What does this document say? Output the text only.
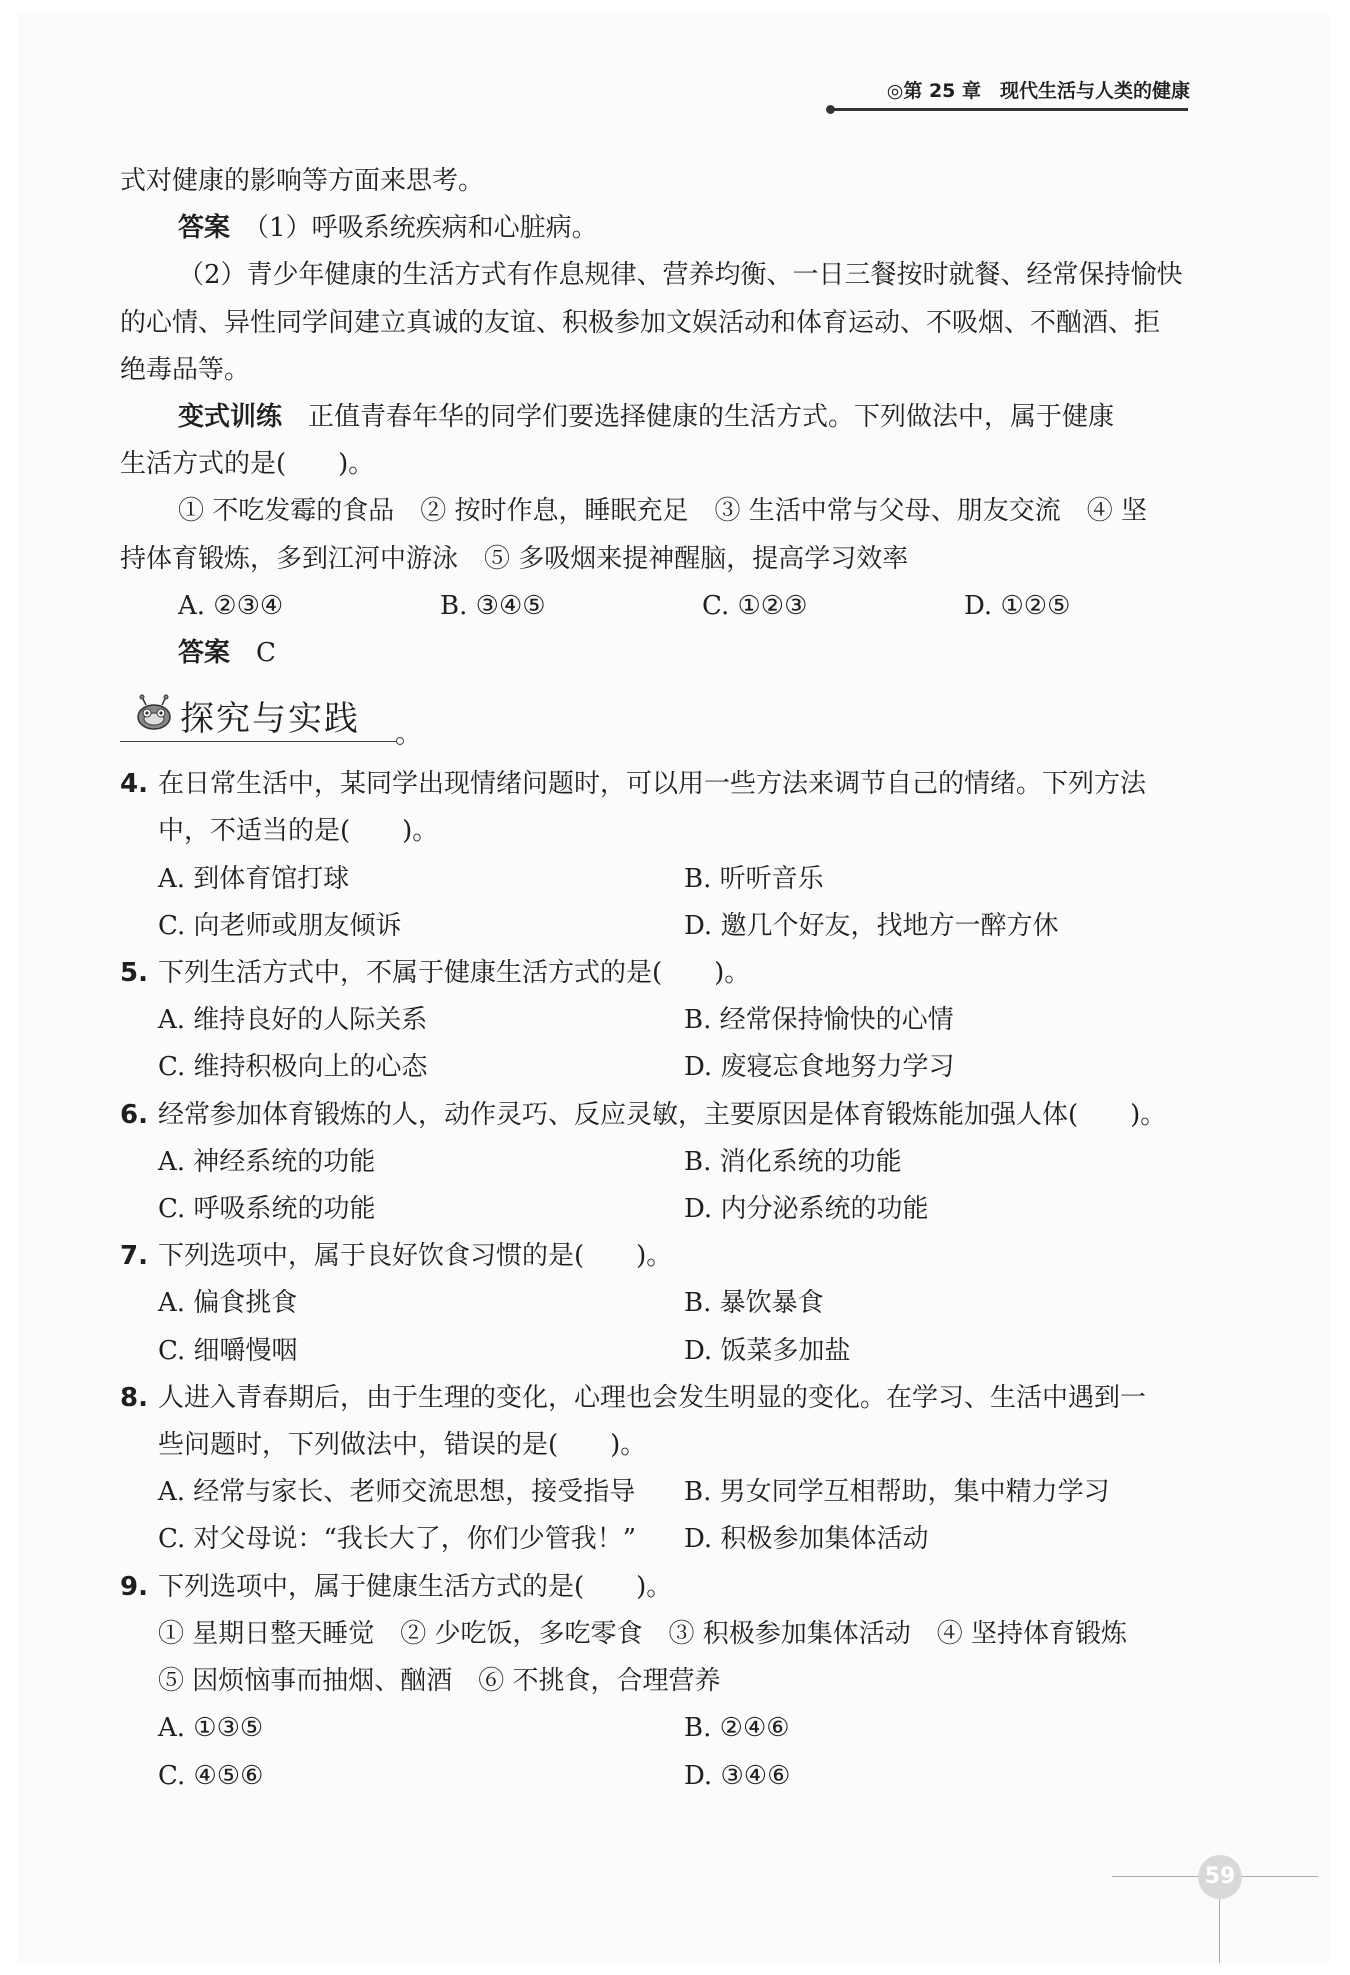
◎第 25 章　现代生活与人类的健康

式对健康的影响等方面来思考。

答案　 （1）呼吸系统疾病和心脏病。

（2）青少年健康的生活方式有作息规律、营养均衡、一日三餐按时就餐、经常保持愉快

的心情、异性同学间建立真诚的友谊、积极参加文娱活动和体育运动、不吸烟、不酗酒、拒

绝毒品等。

变式训练　 正值青春年华的同学们要选择健康的生活方式。下列做法中，属于健康

生活方式的是(　　)。

① 不吃发霉的食品　② 按时作息，睡眠充足　③ 生活中常与父母、朋友交流　④ 坚

持体育锻炼，多到江河中游泳　⑤ 多吸烟来提神醒脑，提高学习效率

A. ②③④	B. ③④⑤	C. ①②③	D. ①②⑤

答案　 C

探究与实践
4. 在日常生活中，某同学出现情绪问题时，可以用一些方法来调节自己的情绪。下列方法
中，不适当的是(　　)。
A. 到体育馆打球	B. 听听音乐
C. 向老师或朋友倾诉	D. 邀几个好友，找地方一醉方休
5. 下列生活方式中，不属于健康生活方式的是(　　)。
A. 维持良好的人际关系	B. 经常保持愉快的心情
C. 维持积极向上的心态	D. 废寝忘食地努力学习
6. 经常参加体育锻炼的人，动作灵巧、反应灵敏，主要原因是体育锻炼能加强人体(　　)。
A. 神经系统的功能	B. 消化系统的功能
C. 呼吸系统的功能	D. 内分泌系统的功能
7. 下列选项中，属于良好饮食习惯的是(　　)。
A. 偏食挑食	B. 暴饮暴食
C. 细嚼慢咽	D. 饭菜多加盐
8. 人进入青春期后，由于生理的变化，心理也会发生明显的变化。在学习、生活中遇到一
些问题时，下列做法中，错误的是(　　)。
A. 经常与家长、老师交流思想，接受指导	B. 男女同学互相帮助，集中精力学习
C. 对父母说：“我长大了，你们少管我！”	D. 积极参加集体活动
9. 下列选项中，属于健康生活方式的是(　　)。
① 星期日整天睡觉　② 少吃饭，多吃零食　③ 积极参加集体活动　④ 坚持体育锻炼
⑤ 因烦恼事而抽烟、酗酒　⑥ 不挑食，合理营养
A. ①③⑤	B. ②④⑥
C. ④⑤⑥	D. ③④⑥
59
